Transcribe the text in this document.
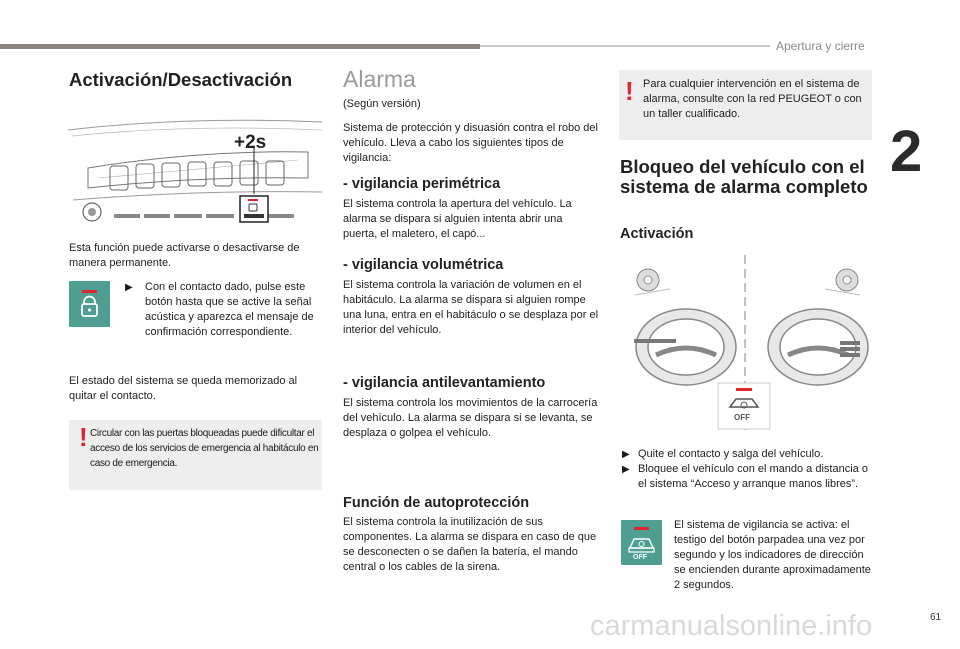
Apertura y cierre
2
61
carmanualsonline.info
Activación/Desactivación
+2s

Esta función puede activarse o desactivarse de manera permanente.

▶ Con el contacto dado, pulse este botón hasta que se active la señal acústica y aparezca el mensaje de confirmación correspondiente.

El estado del sistema se queda memorizado al quitar el contacto.

! Circular con las puertas bloqueadas puede dificultar el acceso de los servicios de emergencia al habitáculo en caso de emergencia.

Alarma

(Según versión)

Sistema de protección y disuasión contra el robo del vehículo. Lleva a cabo los siguientes tipos de vigilancia:

- vigilancia perimétrica

El sistema controla la apertura del vehículo. La alarma se dispara si alguien intenta abrir una puerta, el maletero, el capó...

- vigilancia volumétrica

El sistema controla la variación de volumen en el habitáculo. La alarma se dispara si alguien rompe una luna, entra en el habitáculo o se desplaza por el interior del vehículo.

- vigilancia antilevantamiento

El sistema controla los movimientos de la carrocería del vehículo. La alarma se dispara si se levanta, se desplaza o golpea el vehículo.

Función de autoprotección

El sistema controla la inutilización de sus componentes. La alarma se dispara en caso de que se desconecten o se dañen la batería, el mando central o los cables de la sirena.

! Para cualquier intervención en el sistema de alarma, consulte con la red PEUGEOT o con un taller cualificado.

Bloqueo del vehículo con el sistema de alarma completo
Activación
OFF
▶ Quite el contacto y salga del vehículo.

▶ Bloquee el vehículo con el mando a distancia o el sistema “Acceso y arranque manos libres”.

OFF

El sistema de vigilancia se activa: el testigo del botón parpadea una vez por segundo y los indicadores de dirección se encienden durante aproximadamente 2 segundos.
